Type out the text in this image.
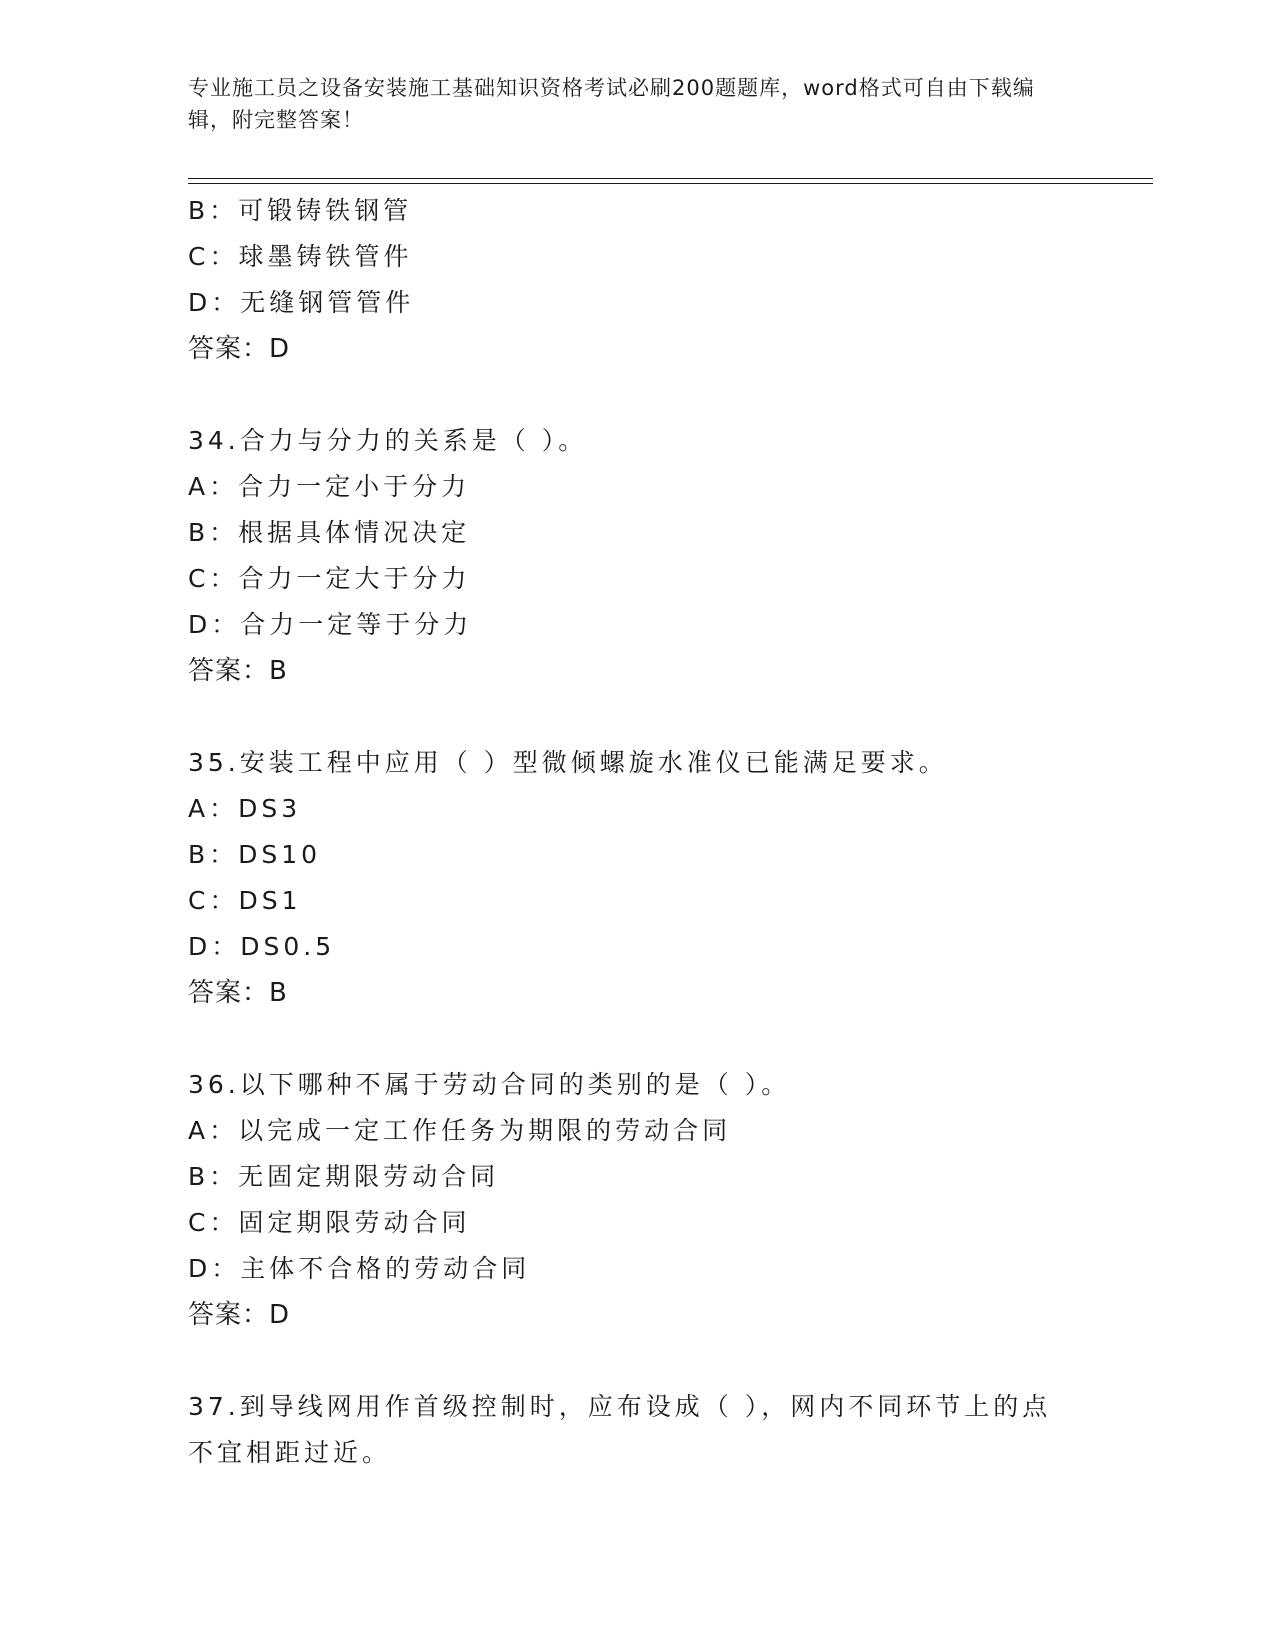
专业施工员之设备安装施工基础知识资格考试必刷200题题库，word格式可自由下载编辑，附完整答案！
B：可锻铸铁钢管
C：球墨铸铁管件
D：无缝钢管管件
答案：D
34.合力与分力的关系是（ ）。
A：合力一定小于分力
B：根据具体情况决定
C：合力一定大于分力
D：合力一定等于分力
答案：B
35.安装工程中应用（ ）型微倾螺旋水准仪已能满足要求。
A：DS3
B：DS10
C：DS1
D：DS0.5
答案：B
36.以下哪种不属于劳动合同的类别的是（ ）。
A：以完成一定工作任务为期限的劳动合同
B：无固定期限劳动合同
C：固定期限劳动合同
D：主体不合格的劳动合同
答案：D
37.到导线网用作首级控制时，应布设成（ ），网内不同环节上的点不宜相距过近。
